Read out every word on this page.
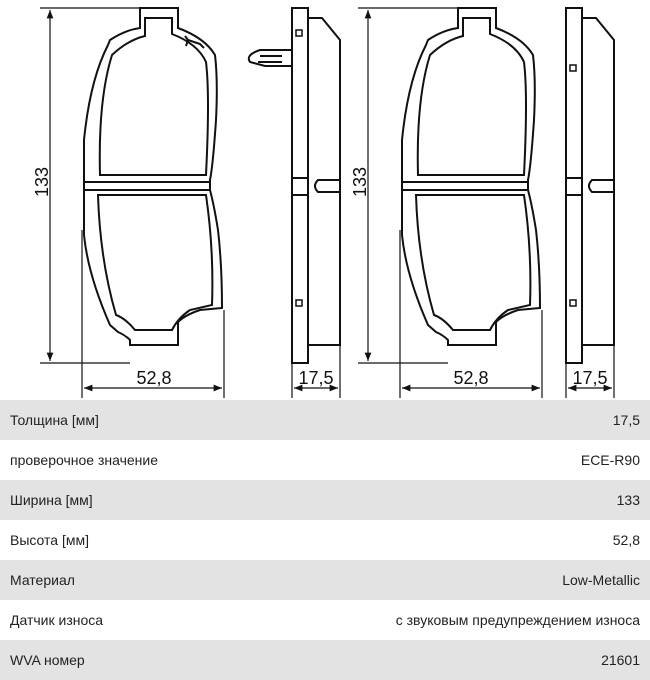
133
52,8	17,5
133
52,8	17,5
Толщина [мм]	17,5
проверочное значение	ECE-R90
Ширина [мм]	133
Высота [мм]	52,8
Материал	Low-Metallic
Датчик износа	с звуковым предупреждением износа
WVA номер	21601
